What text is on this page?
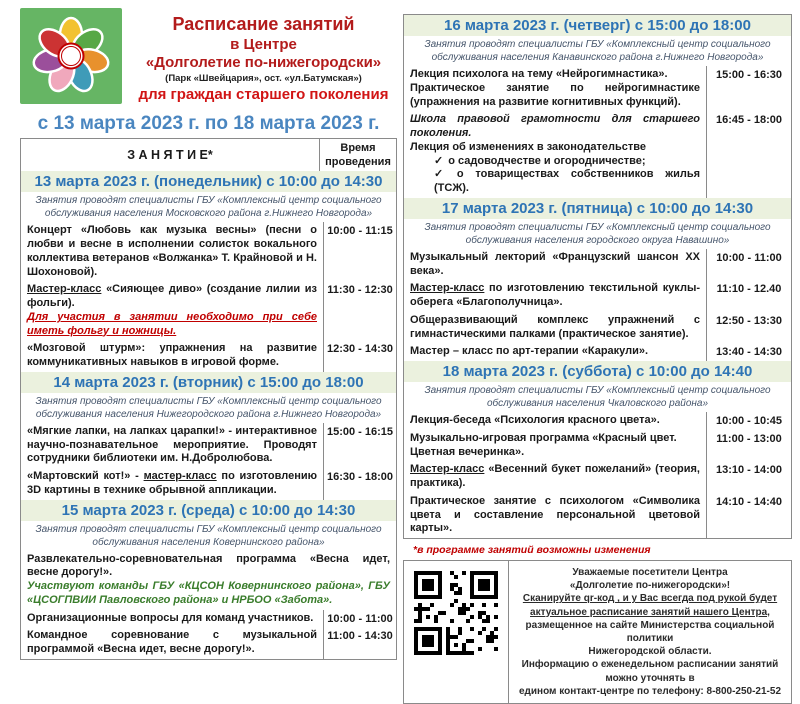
Расписание занятий
в Центре
«Долголетие по-нижегородски»
(Парк «Швейцария», ост. «ул.Батумская»)
для граждан старшего поколения
с 13 марта 2023 г. по 18 марта 2023 г.
З А Н Я Т И Е*
Время проведения
13 марта 2023 г. (понедельник) с 10:00 до 14:30
Занятия проводят специалисты ГБУ «Комплексный центр социального обслуживания населения Московского района г.Нижнего Новгорода»
Концерт «Любовь как музыка весны» (песни о любви и весне в исполнении солисток вокального коллектива ветеранов «Волжанка» Т. Крайновой и Н. Шохоновой).
10:00 - 11:15
Мастер-класс «Сияющее диво» (создание лилии из фольги).
Для участия в занятии необходимо при себе иметь фольгу и ножницы.
11:30 - 12:30
«Мозговой штурм»: упражнения на развитие коммуникативных навыков в игровой форме.
12:30 - 14:30
14 марта 2023 г. (вторник) с 15:00 до 18:00
Занятия проводят специалисты ГБУ «Комплексный центр социального обслуживания населения Нижегородского района г.Нижнего Новгорода»
«Мягкие лапки, на лапках царапки!» - интерактивное научно-познавательное мероприятие. Проводят сотрудники библиотеки им. Н.Добролюбова.
15:00 - 16:15
«Мартовский кот!» - мастер-класс по изготовлению 3D картины в технике обрывной аппликации.
16:30 - 18:00
15 марта 2023 г. (среда) с 10:00 до 14:30
Занятия проводят специалисты ГБУ «Комплексный центр социального обслуживания населения Ковернинского района»
Развлекательно-соревновательная программа «Весна идет, весне дорогу!».
Участвуют команды ГБУ «КЦСОН Ковернинского района», ГБУ «ЦСОГПВИИ Павловского района» и НРБОО «Забота».
Организационные вопросы для команд участников.	10:00 - 11:00
Командное соревнование с музыкальной программой «Весна идет, весне дорогу!».
11:00 - 14:30
16 марта 2023 г. (четверг) с 15:00 до 18:00
Занятия проводят специалисты ГБУ «Комплексный центр социального обслуживания населения Канавинского района г.Нижнего Новгорода»
Лекция психолога на тему «Нейрогимнастика».
Практическое занятие по нейрогимнастике (упражнения на развитие когнитивных функций).
15:00 - 16:30
Школа правовой грамотности для старшего поколения.
Лекция об изменениях в законодательстве
✓ о садоводчестве и огородничестве;
✓ о товариществах собственников жилья (ТСЖ).
16:45 - 18:00
17 марта 2023 г. (пятница) с 10:00 до 14:30
Занятия проводят специалисты ГБУ «Комплексный центр социального обслуживания населения городского округа Навашино»
Музыкальный лекторий «Французский шансон ХХ века».
10:00 - 11:00
Мастер-класс по изготовлению текстильной куклы-оберега «Благополучница».
11:10 - 12.40
Общеразвивающий комплекс упражнений с гимнастическими палками (практическое занятие).
12:50 - 13:30
Мастер – класс по арт-терапии «Каракули».	13:40 - 14:30
18 марта 2023 г. (суббота) с 10:00 до 14:40
Занятия проводят специалисты ГБУ «Комплексный центр социального обслуживания населения Чкаловского района»
Лекция-беседа «Психология красного цвета».	10:00 - 10:45
Музыкально-игровая программа «Красный цвет.
Цветная вечеринка».
11:00 - 13:00
Мастер-класс «Весенний букет пожеланий» (теория, практика).
13:10 - 14:00
Практическое занятие с психологом «Символика цвета и составление персональной цветовой карты».
14:10 - 14:40
*в программе занятий возможны изменения
Уважаемые посетители Центра
«Долголетие по-нижегородски»!
Сканируйте qr-код , и у Вас всегда под рукой будет
актуальное расписание занятий нашего Центра,
размещенное на сайте Министерства социальной политики
Нижегородской области.
Информацию о еженедельном расписании занятий можно уточнять в
едином контакт-центре по телефону: 8-800-250-21-52
